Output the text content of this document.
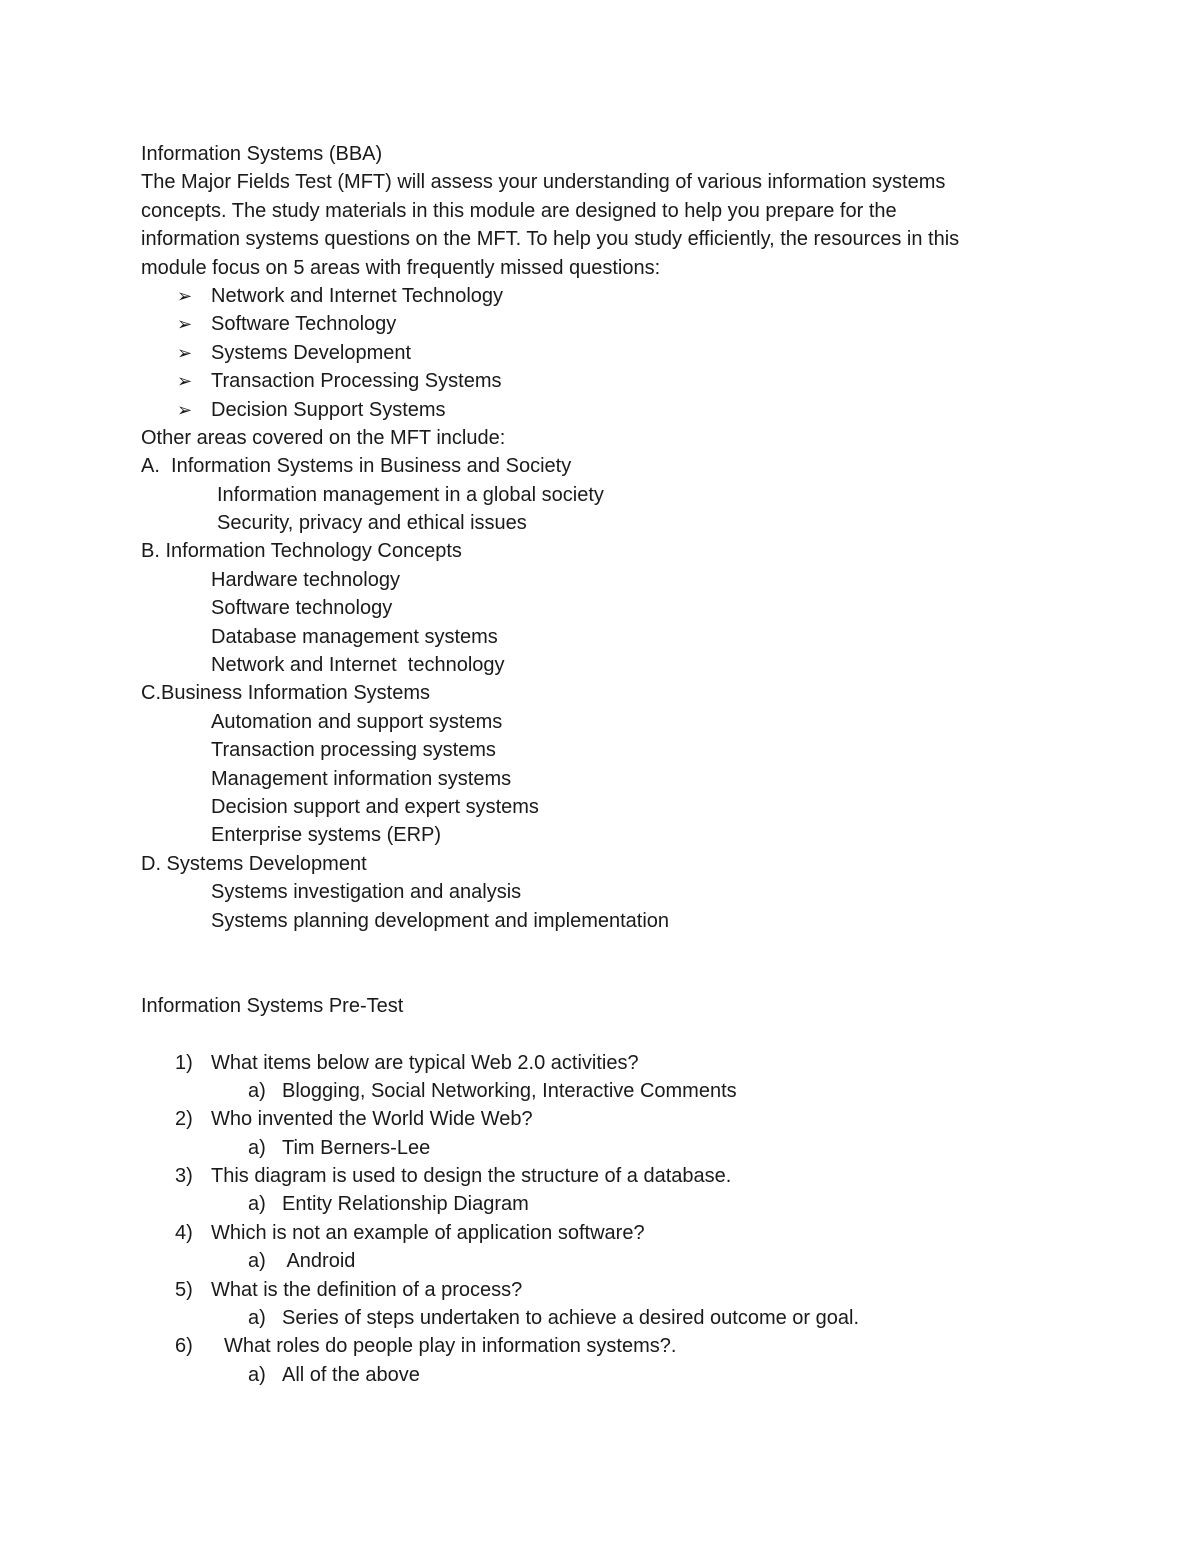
Information Systems (BBA)
The Major Fields Test (MFT) will assess your understanding of various information systems
concepts. The study materials in this module are designed to help you prepare for the
information systems questions on the MFT. To help you study efficiently, the resources in this
module focus on 5 areas with frequently missed questions:
➢ Network and Internet Technology
➢ Software Technology
➢ Systems Development
➢ Transaction Processing Systems
➢ Decision Support Systems
Other areas covered on the MFT include:
A.  Information Systems in Business and Society
Information management in a global society
Security, privacy and ethical issues
B. Information Technology Concepts
Hardware technology
Software technology
Database management systems
Network and Internet  technology
C.Business Information Systems
Automation and support systems
Transaction processing systems
Management information systems
Decision support and expert systems
Enterprise systems (ERP)
D. Systems Development
Systems investigation and analysis
Systems planning development and implementation
Information Systems Pre-Test
1) What items below are typical Web 2.0 activities?
a) Blogging, Social Networking, Interactive Comments
2) Who invented the World Wide Web?
a) Tim Berners-Lee
3) This diagram is used to design the structure of a database.
a) Entity Relationship Diagram
4) Which is not an example of application software?
a) Android
5) What is the definition of a process?
a) Series of steps undertaken to achieve a desired outcome or goal.
6) What roles do people play in information systems?.
a) All of the above
